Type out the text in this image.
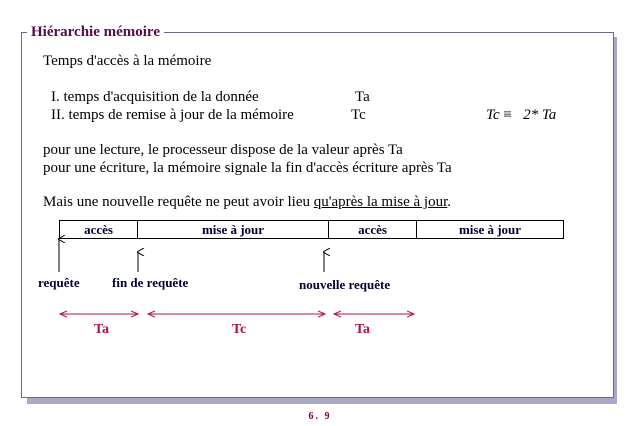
Hiérarchie mémoire
Temps d'accès à la mémoire
I. temps d'acquisition de la donnée	Ta
II. temps de remise à jour de la mémoire	Tc	Tc ≡ 2* Ta
pour une lecture, le processeur dispose de la valeur après Ta
pour une écriture, la mémoire signale la fin d'accès écriture après Ta
Mais une nouvelle requête ne peut avoir lieu qu'après la mise à jour.
accès	mise à jour	accès	mise à jour
requête fin de requête	nouvelle requête
Ta	Tc	Ta
6. 9
